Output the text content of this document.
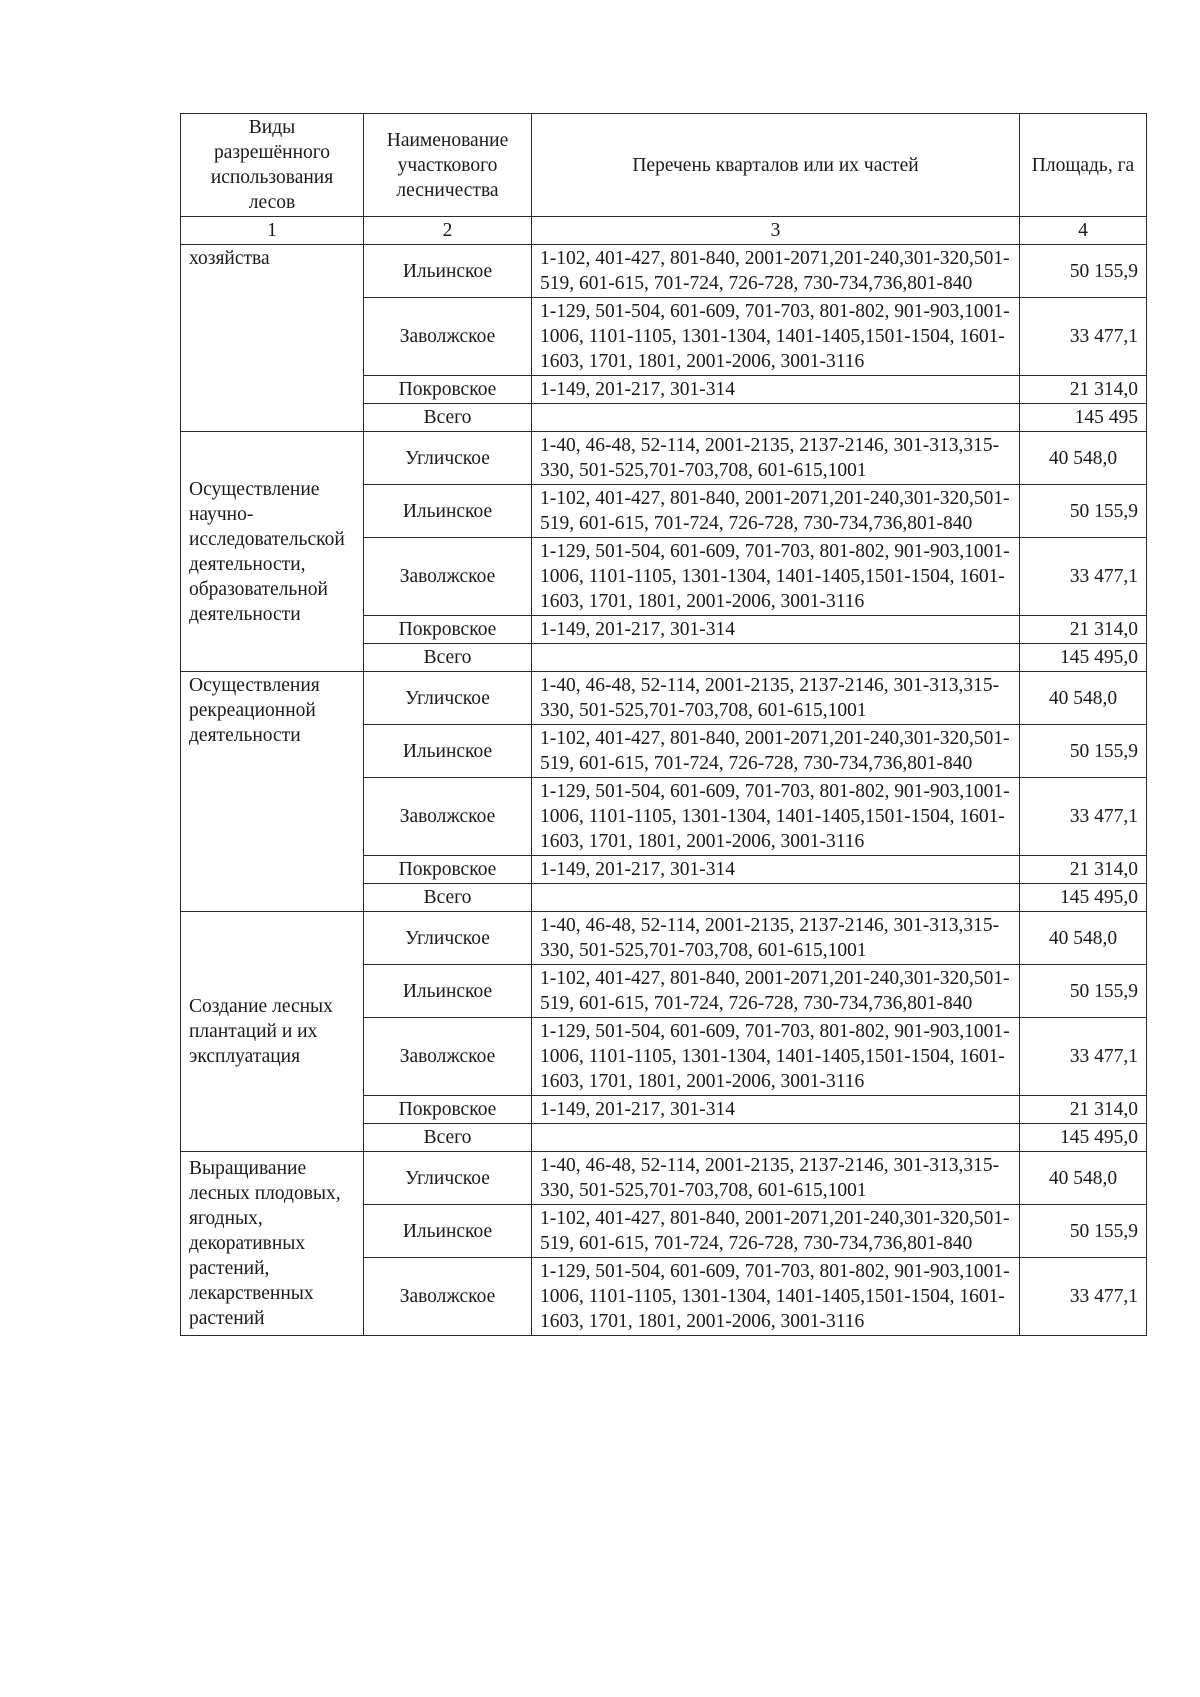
Виды разрешённого использования лесов	Наименование участкового лесничества	Перечень кварталов или их частей	Площадь, га
1	2	3	4
хозяйства	Ильинское	1-102, 401-427, 801-840, 2001-2071,201-240,301-320,501-519, 601-615, 701-724, 726-728, 730-734,736,801-840	50 155,9
	Заволжское	1-129, 501-504, 601-609, 701-703, 801-802, 901-903,1001-1006, 1101-1105, 1301-1304, 1401-1405,1501-1504, 1601-1603, 1701, 1801, 2001-2006, 3001-3116	33 477,1
	Покровское	1-149, 201-217, 301-314	21 314,0
	Всего		145 495
Осуществление научно-исследовательской деятельности, образовательной деятельности	Угличское	1-40, 46-48, 52-114, 2001-2135, 2137-2146, 301-313,315-330, 501-525,701-703,708, 601-615,1001	40 548,0
	Ильинское	1-102, 401-427, 801-840, 2001-2071,201-240,301-320,501-519, 601-615, 701-724, 726-728, 730-734,736,801-840	50 155,9
	Заволжское	1-129, 501-504, 601-609, 701-703, 801-802, 901-903,1001-1006, 1101-1105, 1301-1304, 1401-1405,1501-1504, 1601-1603, 1701, 1801, 2001-2006, 3001-3116	33 477,1
	Покровское	1-149, 201-217, 301-314	21 314,0
	Всего		145 495,0
Осуществления рекреационной деятельности	Угличское	1-40, 46-48, 52-114, 2001-2135, 2137-2146, 301-313,315-330, 501-525,701-703,708, 601-615,1001	40 548,0
	Ильинское	1-102, 401-427, 801-840, 2001-2071,201-240,301-320,501-519, 601-615, 701-724, 726-728, 730-734,736,801-840	50 155,9
	Заволжское	1-129, 501-504, 601-609, 701-703, 801-802, 901-903,1001-1006, 1101-1105, 1301-1304, 1401-1405,1501-1504, 1601-1603, 1701, 1801, 2001-2006, 3001-3116	33 477,1
	Покровское	1-149, 201-217, 301-314	21 314,0
	Всего		145 495,0
Создание лесных плантаций и их эксплуатация	Угличское	1-40, 46-48, 52-114, 2001-2135, 2137-2146, 301-313,315-330, 501-525,701-703,708, 601-615,1001	40 548,0
	Ильинское	1-102, 401-427, 801-840, 2001-2071,201-240,301-320,501-519, 601-615, 701-724, 726-728, 730-734,736,801-840	50 155,9
	Заволжское	1-129, 501-504, 601-609, 701-703, 801-802, 901-903,1001-1006, 1101-1105, 1301-1304, 1401-1405,1501-1504, 1601-1603, 1701, 1801, 2001-2006, 3001-3116	33 477,1
	Покровское	1-149, 201-217, 301-314	21 314,0
	Всего		145 495,0
Выращивание лесных плодовых, ягодных, декоративных растений, лекарственных растений	Угличское	1-40, 46-48, 52-114, 2001-2135, 2137-2146, 301-313,315-330, 501-525,701-703,708, 601-615,1001	40 548,0
	Ильинское	1-102, 401-427, 801-840, 2001-2071,201-240,301-320,501-519, 601-615, 701-724, 726-728, 730-734,736,801-840	50 155,9
	Заволжское	1-129, 501-504, 601-609, 701-703, 801-802, 901-903,1001-1006, 1101-1105, 1301-1304, 1401-1405,1501-1504, 1601-1603, 1701, 1801, 2001-2006, 3001-3116	33 477,1
